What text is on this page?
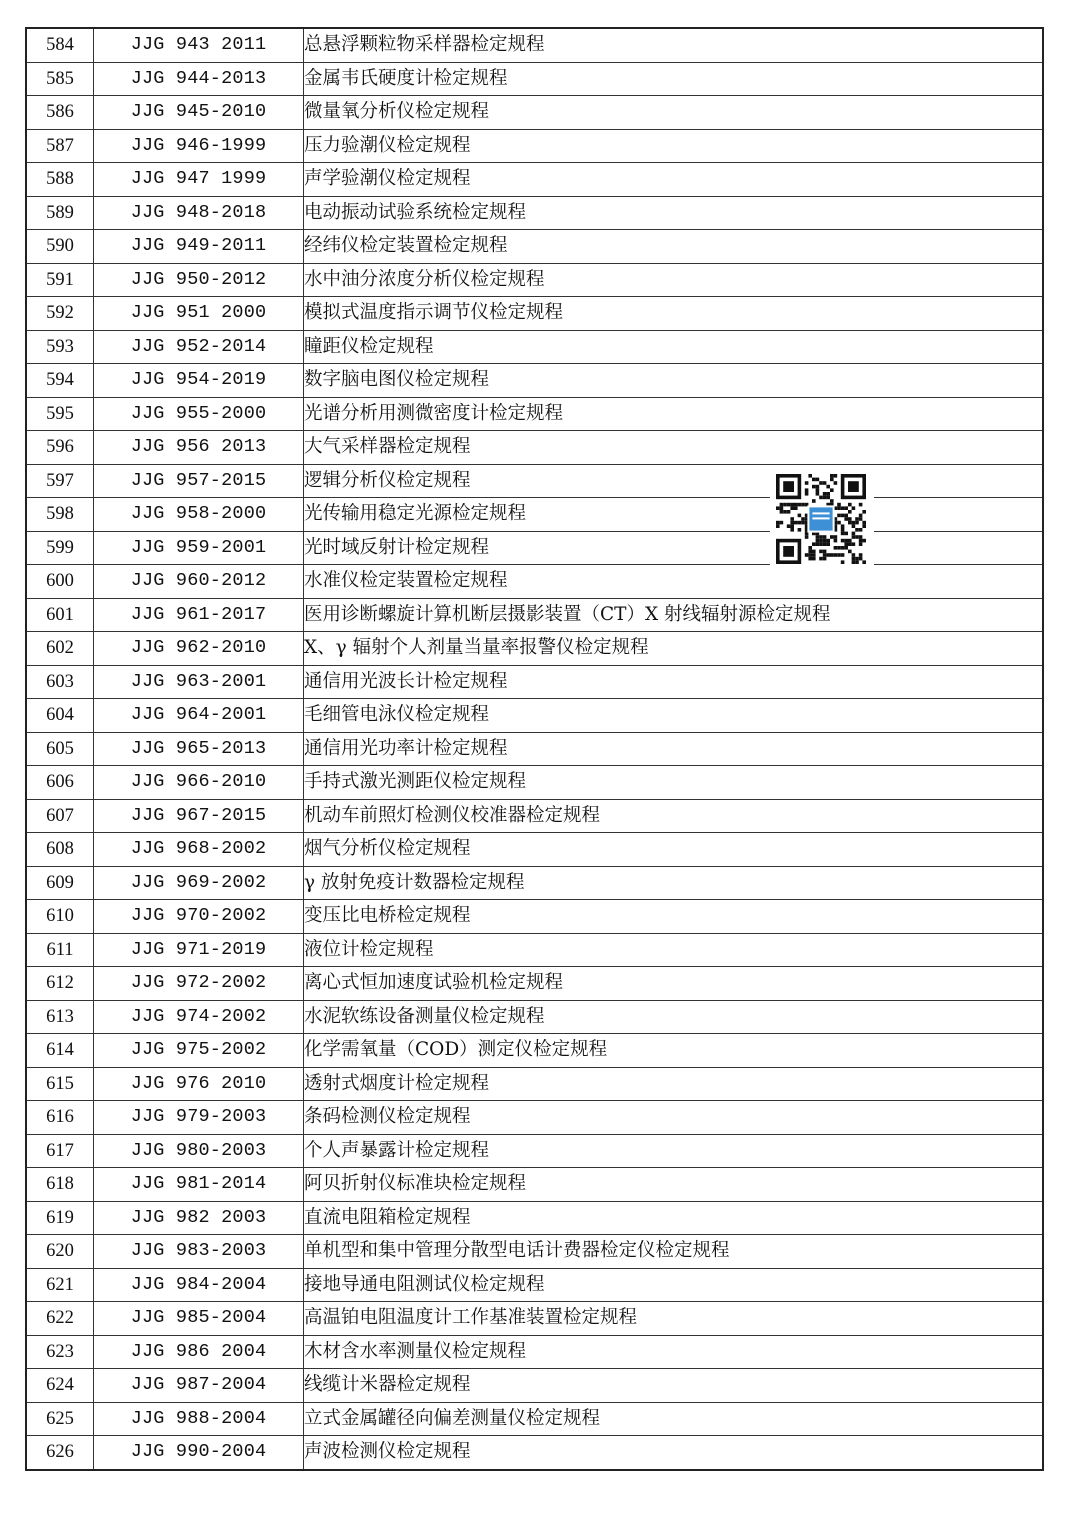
584	JJG 943 2011	总悬浮颗粒物采样器检定规程
585	JJG 944-2013	金属韦氏硬度计检定规程
586	JJG 945-2010	微量氧分析仪检定规程
587	JJG 946-1999	压力验潮仪检定规程
588	JJG 947 1999	声学验潮仪检定规程
589	JJG 948-2018	电动振动试验系统检定规程
590	JJG 949-2011	经纬仪检定装置检定规程
591	JJG 950-2012	水中油分浓度分析仪检定规程
592	JJG 951 2000	模拟式温度指示调节仪检定规程
593	JJG 952-2014	瞳距仪检定规程
594	JJG 954-2019	数字脑电图仪检定规程
595	JJG 955-2000	光谱分析用测微密度计检定规程
596	JJG 956 2013	大气采样器检定规程
597	JJG 957-2015	逻辑分析仪检定规程
598	JJG 958-2000	光传输用稳定光源检定规程
599	JJG 959-2001	光时域反射计检定规程
600	JJG 960-2012	水准仪检定装置检定规程
601	JJG 961-2017	医用诊断螺旋计算机断层摄影装置（CT）X 射线辐射源检定规程
602	JJG 962-2010	X、γ 辐射个人剂量当量率报警仪检定规程
603	JJG 963-2001	通信用光波长计检定规程
604	JJG 964-2001	毛细管电泳仪检定规程
605	JJG 965-2013	通信用光功率计检定规程
606	JJG 966-2010	手持式激光测距仪检定规程
607	JJG 967-2015	机动车前照灯检测仪校准器检定规程
608	JJG 968-2002	烟气分析仪检定规程
609	JJG 969-2002	γ 放射免疫计数器检定规程
610	JJG 970-2002	变压比电桥检定规程
611	JJG 971-2019	液位计检定规程
612	JJG 972-2002	离心式恒加速度试验机检定规程
613	JJG 974-2002	水泥软练设备测量仪检定规程
614	JJG 975-2002	化学需氧量（COD）测定仪检定规程
615	JJG 976 2010	透射式烟度计检定规程
616	JJG 979-2003	条码检测仪检定规程
617	JJG 980-2003	个人声暴露计检定规程
618	JJG 981-2014	阿贝折射仪标准块检定规程
619	JJG 982 2003	直流电阻箱检定规程
620	JJG 983-2003	单机型和集中管理分散型电话计费器检定仪检定规程
621	JJG 984-2004	接地导通电阻测试仪检定规程
622	JJG 985-2004	高温铂电阻温度计工作基准装置检定规程
623	JJG 986 2004	木材含水率测量仪检定规程
624	JJG 987-2004	线缆计米器检定规程
625	JJG 988-2004	立式金属罐径向偏差测量仪检定规程
626	JJG 990-2004	声波检测仪检定规程
